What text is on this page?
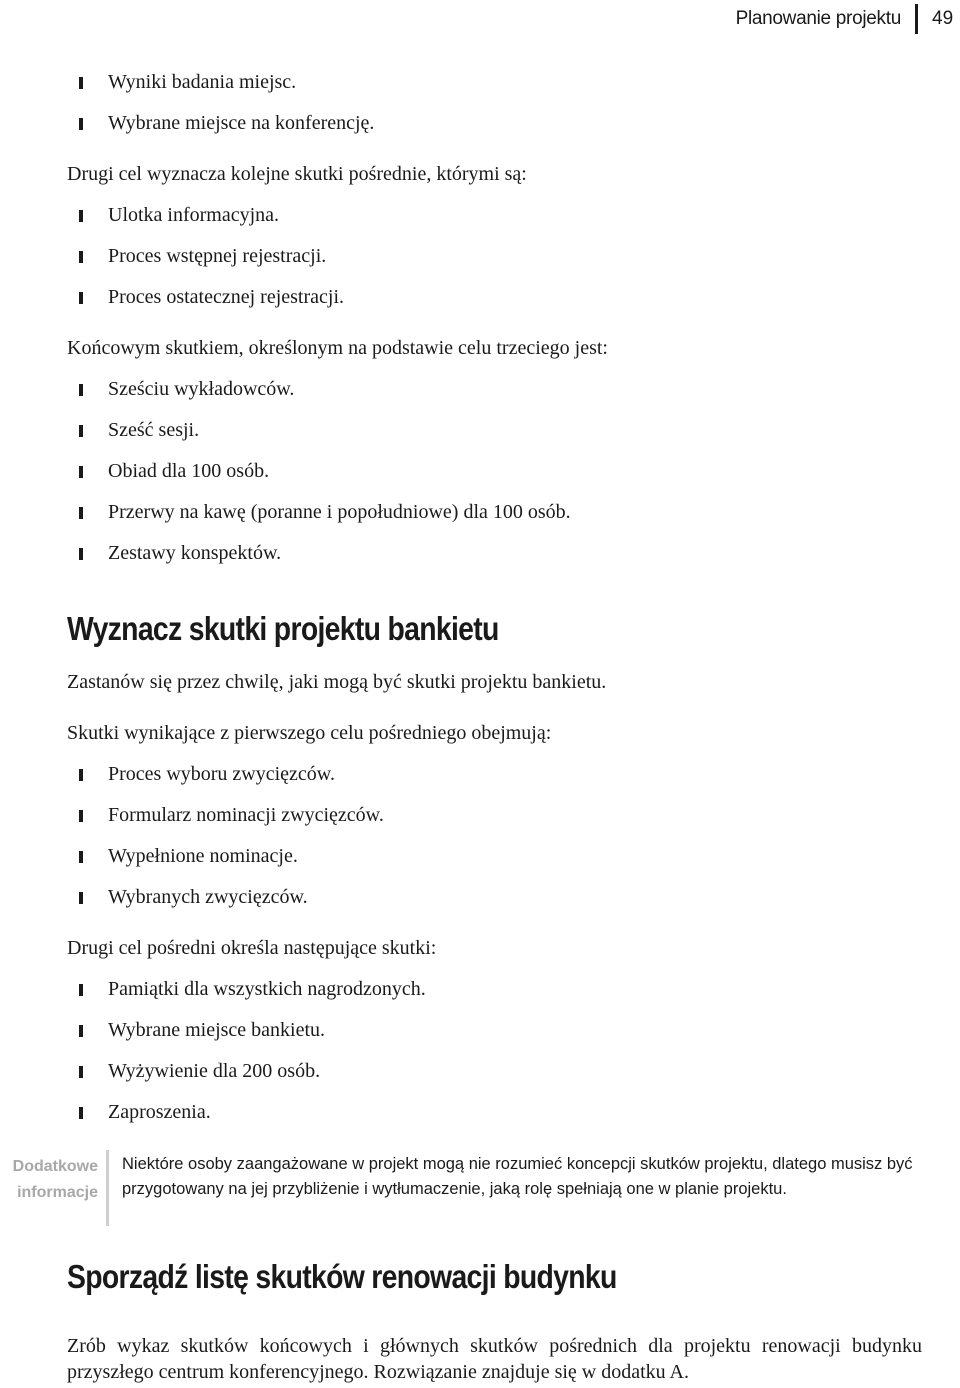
Planowanie projektu 49
Wyniki badania miejsc.
Wybrane miejsce na konferencję.
Drugi cel wyznacza kolejne skutki pośrednie, którymi są:
Ulotka informacyjna.
Proces wstępnej rejestracji.
Proces ostatecznej rejestracji.
Końcowym skutkiem, określonym na podstawie celu trzeciego jest:
Sześciu wykładowców.
Sześć sesji.
Obiad dla 100 osób.
Przerwy na kawę (poranne i popołudniowe) dla 100 osób.
Zestawy konspektów.
Wyznacz skutki projektu bankietu
Zastanów się przez chwilę, jaki mogą być skutki projektu bankietu.
Skutki wynikające z pierwszego celu pośredniego obejmują:
Proces wyboru zwycięzców.
Formularz nominacji zwycięzców.
Wypełnione nominacje.
Wybranych zwycięzców.
Drugi cel pośredni określa następujące skutki:
Pamiątki dla wszystkich nagrodzonych.
Wybrane miejsce bankietu.
Wyżywienie dla 200 osób.
Zaproszenia.
Dodatkowe
informacje
Niektóre osoby zaangażowane w projekt mogą nie rozumieć koncepcji skutków projektu, dlatego musisz być przygotowany na jej przybliżenie i wytłumaczenie, jaką rolę spełniają one w planie projektu.
Sporządź listę skutków renowacji budynku
Zrób wykaz skutków końcowych i głównych skutków pośrednich dla projektu renowacji budynku przyszłego centrum konferencyjnego. Rozwiązanie znajduje się w dodatku A.
